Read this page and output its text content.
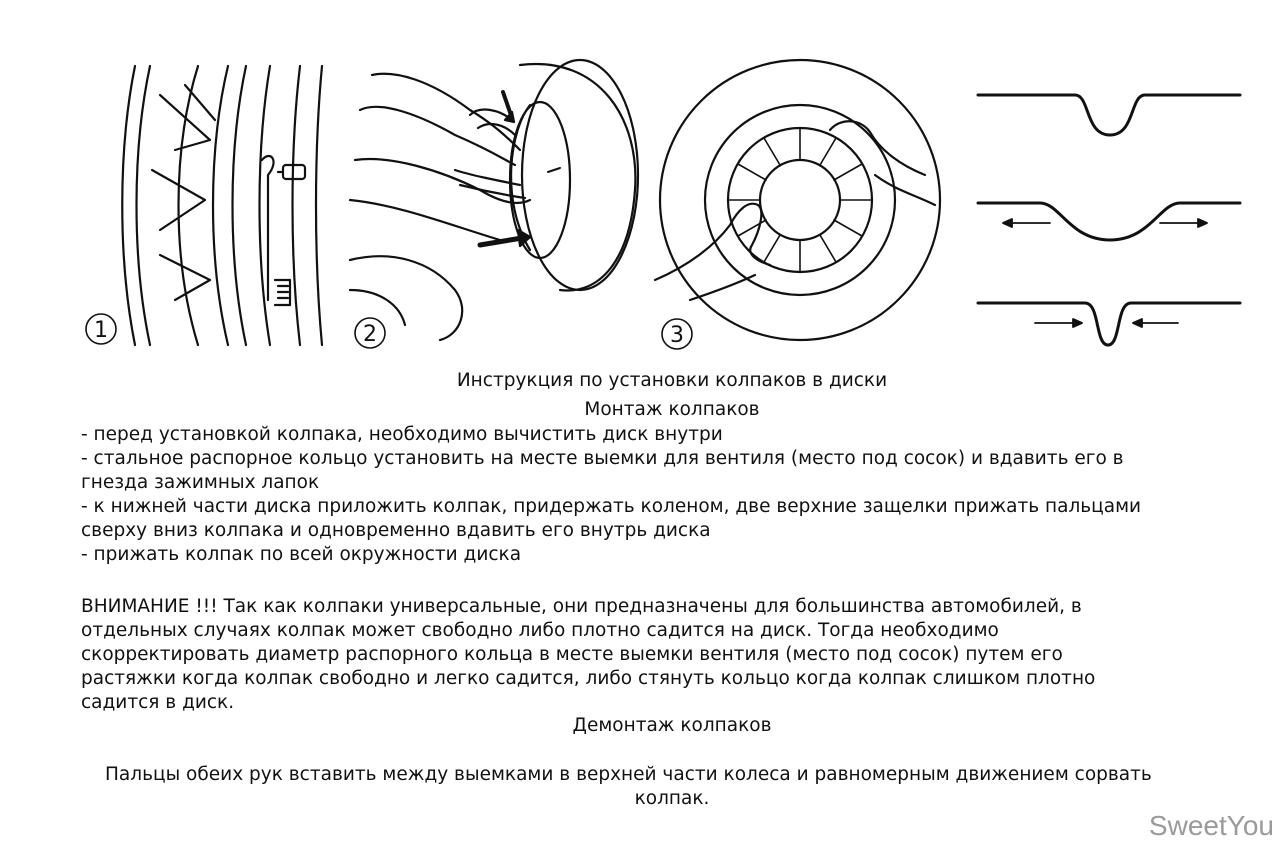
1	2	3
Инструкция по установки колпаков в диски
Монтаж колпаков
- перед установкой колпака, необходимо вычистить диск внутри
- стальное распорное кольцо установить на месте выемки для вентиля (место под сосок) и вдавить его в
гнезда зажимных лапок
- к нижней части диска приложить колпак, придержать коленом, две верхние защелки прижать пальцами
сверху вниз колпака и одновременно вдавить его внутрь диска
- прижать колпак по всей окружности диска
ВНИМАНИЕ !!! Так как колпаки универсальные, они предназначены для большинства автомобилей, в
отдельных случаях колпак может свободно либо плотно садится на диск. Тогда необходимо
скорректировать диаметр распорного кольца в месте выемки вентиля (место под сосок) путем его
растяжки когда колпак свободно и легко садится, либо стянуть кольцо когда колпак слишком плотно
садится в диск.
Демонтаж колпаков
Пальцы обеих рук вставить между выемками в верхней части колеса и равномерным движением сорвать
колпак.
SweetYou
